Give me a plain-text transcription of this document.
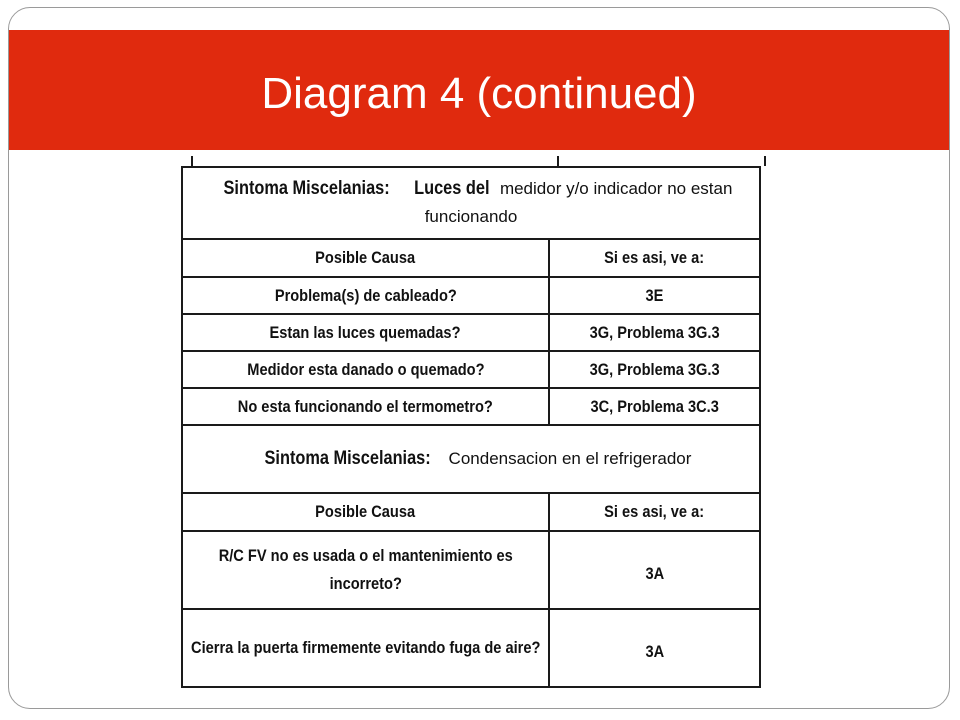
Diagram 4 (continued)
Sintoma Miscelanias: Luces del medidor y/o indicador no estan funcionando	
Posible Causa	Si es asi, ve a:
Problema(s) de cableado?	3E
Estan las luces quemadas?	3G, Problema 3G.3
Medidor esta danado o quemado?	3G, Problema 3G.3
No esta funcionando el termometro?	3C, Problema 3C.3
Sintoma Miscelanias: Condensacion en el refrigerador	
Posible Causa	Si es asi, ve a:
R/C FV no es usada o el mantenimiento es incorreto?	3A
Cierra la puerta firmemente evitando fuga de aire?	3A
